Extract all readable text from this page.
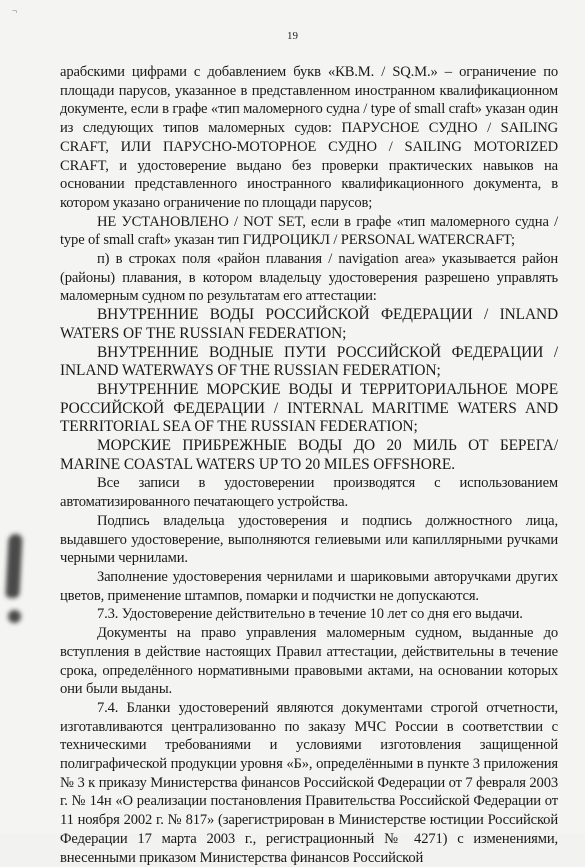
¬
19

арабскими цифрами с добавлением букв «КВ.М. / SQ.M.» – ограничение по площади парусов, указанное в представленном иностранном квалификационном документе, если в графе «тип маломерного судна / type of small craft» указан один из следующих типов маломерных судов: ПАРУСНОЕ СУДНО / SAILING CRAFT, ИЛИ ПАРУСНО-МОТОРНОЕ СУДНО / SAILING MOTORIZED CRAFT, и удостоверение выдано без проверки практических навыков на основании представленного иностранного квалификационного документа, в котором указано ограничение по площади парусов;

НЕ УСТАНОВЛЕНО / NOT SET, если в графе «тип маломерного судна / type of small craft» указан тип ГИДРОЦИКЛ / PERSONAL WATERCRAFT;

п) в строках поля «район плавания / navigation area» указывается район (районы) плавания, в котором владельцу удостоверения разрешено управлять маломерным судном по результатам его аттестации:

ВНУТРЕННИЕ ВОДЫ РОССИЙСКОЙ ФЕДЕРАЦИИ / INLAND WATERS OF THE RUSSIAN FEDERATION;

ВНУТРЕННИЕ ВОДНЫЕ ПУТИ РОССИЙСКОЙ ФЕДЕРАЦИИ / INLAND WATERWAYS OF THE RUSSIAN FEDERATION;

ВНУТРЕННИЕ МОРСКИЕ ВОДЫ И ТЕРРИТОРИАЛЬНОЕ МОРЕ РОССИЙСКОЙ ФЕДЕРАЦИИ / INTERNAL MARITIME WATERS AND TERRITORIAL SEA OF THE RUSSIAN FEDERATION;

МОРСКИЕ ПРИБРЕЖНЫЕ ВОДЫ ДО 20 МИЛЬ ОТ БЕРЕГА/ MARINE COASTAL WATERS UP TO 20 MILES OFFSHORE.

Все записи в удостоверении производятся с использованием автоматизированного печатающего устройства.

Подпись владельца удостоверения и подпись должностного лица, выдавшего удостоверение, выполняются гелиевыми или капиллярными ручками черными чернилами.

Заполнение удостоверения чернилами и шариковыми авторучками других цветов, применение штампов, помарки и подчистки не допускаются.

7.3. Удостоверение действительно в течение 10 лет со дня его выдачи.

Документы на право управления маломерным судном, выданные до вступления в действие настоящих Правил аттестации, действительны в течение срока, определённого нормативными правовыми актами, на основании которых они были выданы.

7.4. Бланки удостоверений являются документами строгой отчетности, изготавливаются централизованно по заказу МЧС России в соответствии с техническими требованиями и условиями изготовления защищенной полиграфической продукции уровня «Б», определёнными в пункте 3 приложения № 3 к приказу Министерства финансов Российской Федерации от 7 февраля 2003 г. № 14н «О реализации постановления Правительства Российской Федерации от 11 ноября 2002 г. № 817» (зарегистрирован в Министерстве юстиции Российской Федерации 17 марта 2003 г., регистрационный № 4271) с изменениями, внесенными приказом Министерства финансов Российской
